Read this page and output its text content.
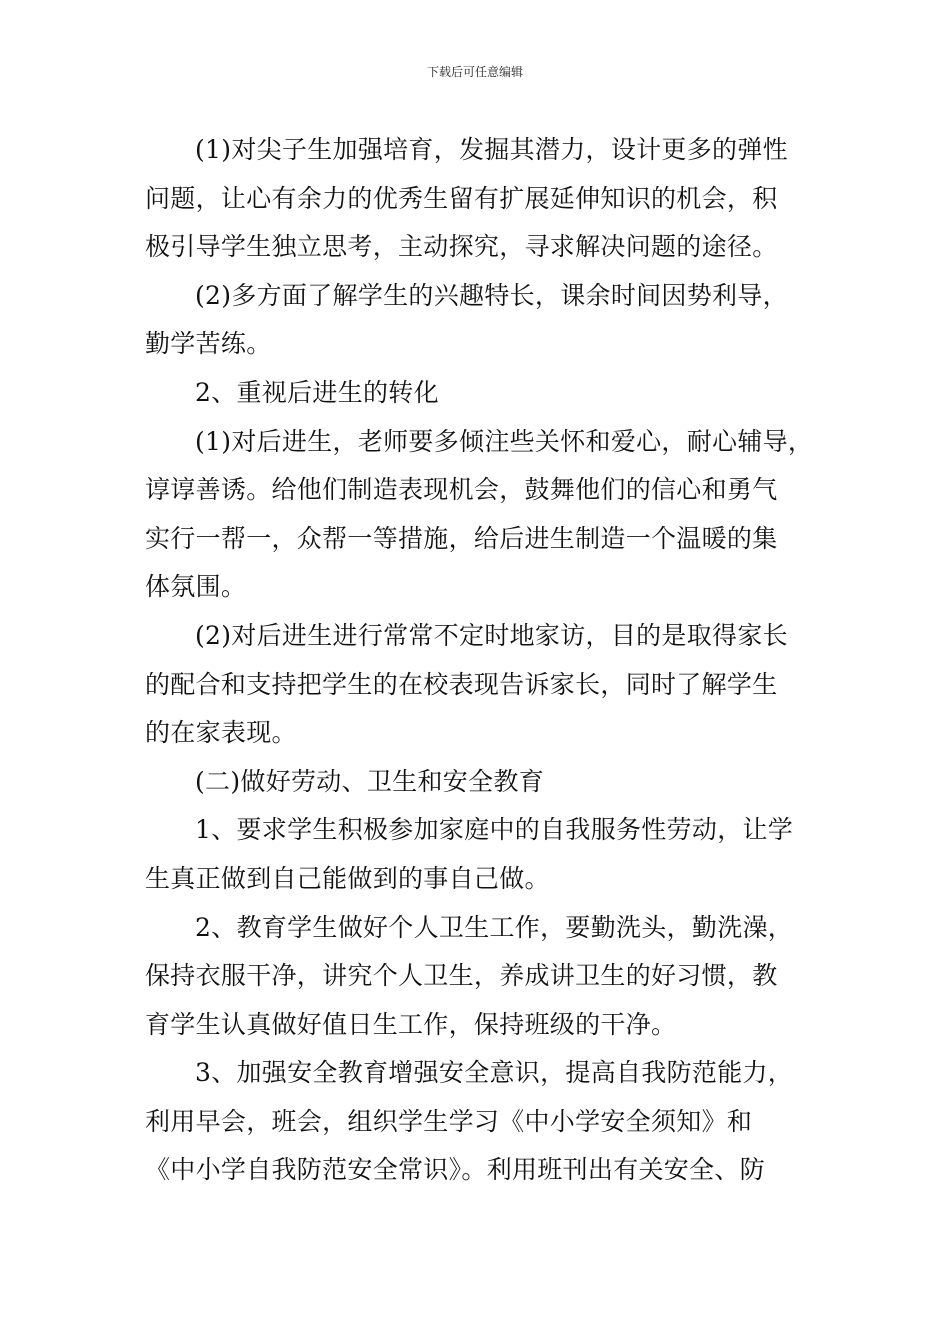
下载后可任意编辑

(1)对尖子生加强培育，发掘其潜力，设计更多的弹性
问题，让心有余力的优秀生留有扩展延伸知识的机会，积
极引导学生独立思考，主动探究，寻求解决问题的途径。

(2)多方面了解学生的兴趣特长，课余时间因势利导，
勤学苦练。

2、重视后进生的转化

(1)对后进生，老师要多倾注些关怀和爱心，耐心辅导，
谆谆善诱。给他们制造表现机会，鼓舞他们的信心和勇气
实行一帮一，众帮一等措施，给后进生制造一个温暖的集
体氛围。

(2)对后进生进行常常不定时地家访，目的是取得家长
的配合和支持把学生的在校表现告诉家长，同时了解学生
的在家表现。

(二)做好劳动、卫生和安全教育

1、要求学生积极参加家庭中的自我服务性劳动，让学
生真正做到自己能做到的事自己做。

2、教育学生做好个人卫生工作，要勤洗头，勤洗澡，
保持衣服干净，讲究个人卫生，养成讲卫生的好习惯，教
育学生认真做好值日生工作，保持班级的干净。

3、加强安全教育增强安全意识，提高自我防范能力，
利用早会，班会，组织学生学习《中小学安全须知》和
《中小学自我防范安全常识》。利用班刊出有关安全、防
